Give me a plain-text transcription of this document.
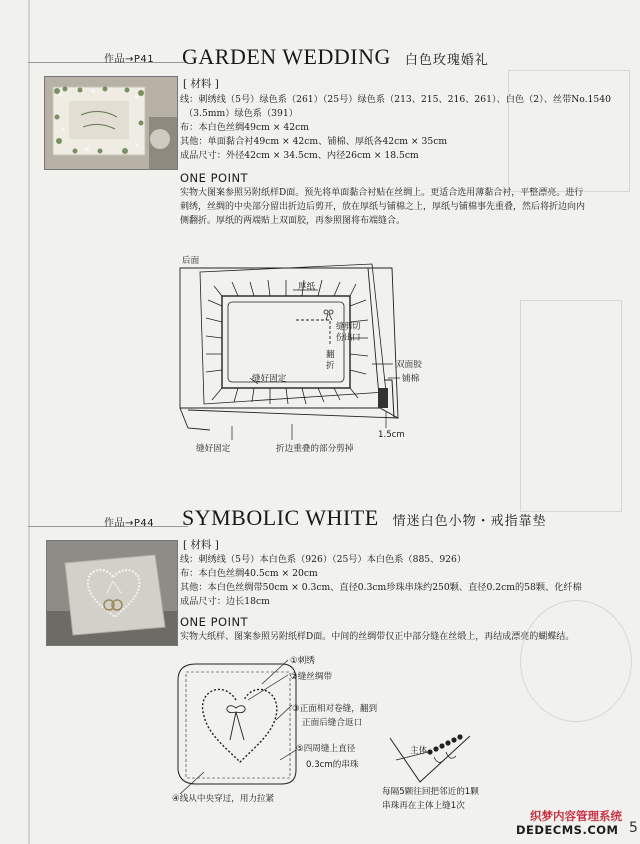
作品→P41 GARDEN WEDDING 白色玫瑰婚礼
[ 材料 ]
线：刺绣线（5号）绿色系（261）（25号）绿色系（213、215、216、261）、白色（2）、丝带No.1540
（3.5mm）绿色系（391）
布：本白色丝绸49cm × 42cm
其他：单面黏合衬49cm × 42cm、铺棉、厚纸各42cm × 35cm
成品尺寸：外径42cm × 34.5cm、内径26cm × 18.5cm
ONE POINT
实物大图案参照另附纸样D面。预先将单面黏合衬贴在丝绸上。更适合选用薄黏合衬，平整漂亮。进行
刺绣，丝绸的中央部分留出折边后剪开，放在厚纸与铺棉之上，厚纸与铺棉事先重叠，然后将折边向内
侧翻折。厚纸的两端贴上双面胶，再参照图将布端缝合。
后面
厚纸
缝份
剪出
切口
翻
折	双面胶
铺棉
缝好固定
缝好固定	折边重叠的部分剪掉
1.5cm
作品→P44 SYMBOLIC WHITE 情迷白色小物・戒指靠垫
[ 材料 ]
线：刺绣线（5号）本白色系（926）（25号）本白色系（885、926）
布：本白色丝绸40.5cm × 20cm
其他：本白色丝绸带50cm × 0.3cm、直径0.3cm珍珠串珠约250颗、直径0.2cm的58颗、化纤棉
成品尺寸：边长18cm
ONE POINT
实物大纸样、图案参照另附纸样D面。中间的丝绸带仅正中部分缝在丝缎上，再结成漂亮的蝴蝶结。
①刺绣
②缝丝绸带
③正面相对卷缝，翻到
正面后缝合返口
⑤四周缝上直径
0.3cm的串珠
④线从中央穿过，用力拉紧
主体
每隔5颗往回把邻近的1颗
串珠再在主体上缝1次
织梦内容管理系统
DEDECMS.COM 5
